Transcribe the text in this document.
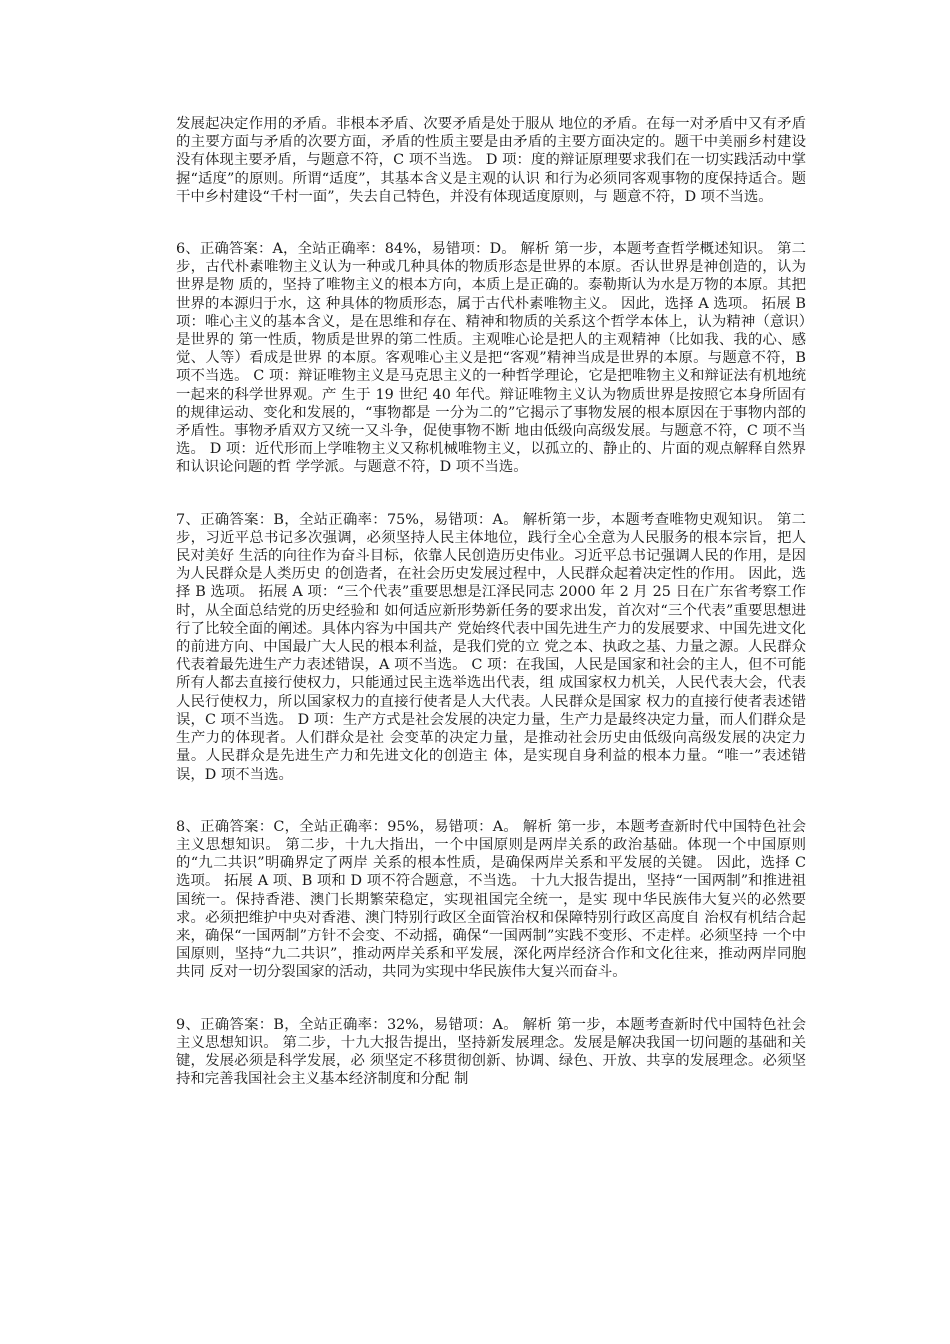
发展起决定作用的矛盾。非根本矛盾、次要矛盾是处于服从 地位的矛盾。在每一对矛盾中又有矛盾的主要方面与矛盾的次要方面，矛盾的性质主要是由矛盾的主要方面决定的。题干中美丽乡村建设没有体现主要矛盾，与题意不符，C 项不当选。 D 项：度的辩证原理要求我们在一切实践活动中掌握“适度”的原则。所谓“适度”，其基本含义是主观的认识 和行为必须同客观事物的度保持适合。题干中乡村建设“千村一面”，失去自己特色，并没有体现适度原则，与 题意不符，D 项不当选。

6、正确答案：A，全站正确率：84%，易错项：D。 解析 第一步，本题考查哲学概述知识。 第二步，古代朴素唯物主义认为一种或几种具体的物质形态是世界的本原。否认世界是神创造的，认为世界是物 质的，坚持了唯物主义的根本方向，本质上是正确的。泰勒斯认为水是万物的本原。其把世界的本源归于水，这 种具体的物质形态，属于古代朴素唯物主义。 因此，选择 A 选项。 拓展 B 项：唯心主义的基本含义，是在思维和存在、精神和物质的关系这个哲学本体上，认为精神（意识）是世界的 第一性质，物质是世界的第二性质。主观唯心论是把人的主观精神（比如我、我的心、感觉、人等）看成是世界 的本原。客观唯心主义是把“客观”精神当成是世界的本原。与题意不符，B 项不当选。 C 项：辩证唯物主义是马克思主义的一种哲学理论，它是把唯物主义和辩证法有机地统一起来的科学世界观。产 生于 19 世纪 40 年代。辩证唯物主义认为物质世界是按照它本身所固有的规律运动、变化和发展的，“事物都是 一分为二的”它揭示了事物发展的根本原因在于事物内部的矛盾性。事物矛盾双方又统一又斗争，促使事物不断 地由低级向高级发展。与题意不符，C 项不当选。 D 项：近代形而上学唯物主义又称机械唯物主义，以孤立的、静止的、片面的观点解释自然界和认识论问题的哲 学学派。与题意不符，D 项不当选。

7、正确答案：B，全站正确率：75%，易错项：A。 解析第一步，本题考查唯物史观知识。 第二步，习近平总书记多次强调，必须坚持人民主体地位，践行全心全意为人民服务的根本宗旨，把人民对美好 生活的向往作为奋斗目标，依靠人民创造历史伟业。习近平总书记强调人民的作用，是因为人民群众是人类历史 的创造者，在社会历史发展过程中，人民群众起着决定性的作用。 因此，选择 B 选项。 拓展 A 项：“三个代表”重要思想是江泽民同志 2000 年 2 月 25 日在广东省考察工作时，从全面总结党的历史经验和 如何适应新形势新任务的要求出发，首次对“三个代表”重要思想进行了比较全面的阐述。具体内容为中国共产 党始终代表中国先进生产力的发展要求、中国先进文化的前进方向、中国最广大人民的根本利益，是我们党的立 党之本、执政之基、力量之源。人民群众代表着最先进生产力表述错误，A 项不当选。 C 项：在我国，人民是国家和社会的主人，但不可能所有人都去直接行使权力，只能通过民主选举选出代表，组 成国家权力机关，人民代表大会，代表人民行使权力，所以国家权力的直接行使者是人大代表。人民群众是国家 权力的直接行使者表述错误，C 项不当选。 D 项：生产方式是社会发展的决定力量，生产力是最终决定力量，而人们群众是生产力的体现者。人们群众是社 会变革的决定力量，是推动社会历史由低级向高级发展的决定力量。人民群众是先进生产力和先进文化的创造主 体，是实现自身利益的根本力量。“唯一”表述错误，D 项不当选。

8、正确答案：C，全站正确率：95%，易错项：A。 解析 第一步，本题考查新时代中国特色社会主义思想知识。 第二步，十九大指出，一个中国原则是两岸关系的政治基础。体现一个中国原则的“九二共识”明确界定了两岸 关系的根本性质，是确保两岸关系和平发展的关键。 因此，选择 C 选项。 拓展 A 项、B 项和 D 项不符合题意，不当选。 十九大报告提出，坚持“一国两制”和推进祖国统一。保持香港、澳门长期繁荣稳定，实现祖国完全统一，是实 现中华民族伟大复兴的必然要求。必须把维护中央对香港、澳门特别行政区全面管治权和保障特别行政区高度自 治权有机结合起来，确保“一国两制”方针不会变、不动摇，确保“一国两制”实践不变形、不走样。必须坚持 一个中国原则，坚持“九二共识”，推动两岸关系和平发展，深化两岸经济合作和文化往来，推动两岸同胞共同 反对一切分裂国家的活动，共同为实现中华民族伟大复兴而奋斗。

9、正确答案：B，全站正确率：32%，易错项：A。 解析 第一步，本题考查新时代中国特色社会主义思想知识。 第二步，十九大报告提出，坚持新发展理念。发展是解决我国一切问题的基础和关键，发展必须是科学发展，必 须坚定不移贯彻创新、协调、绿色、开放、共享的发展理念。必须坚持和完善我国社会主义基本经济制度和分配 制
